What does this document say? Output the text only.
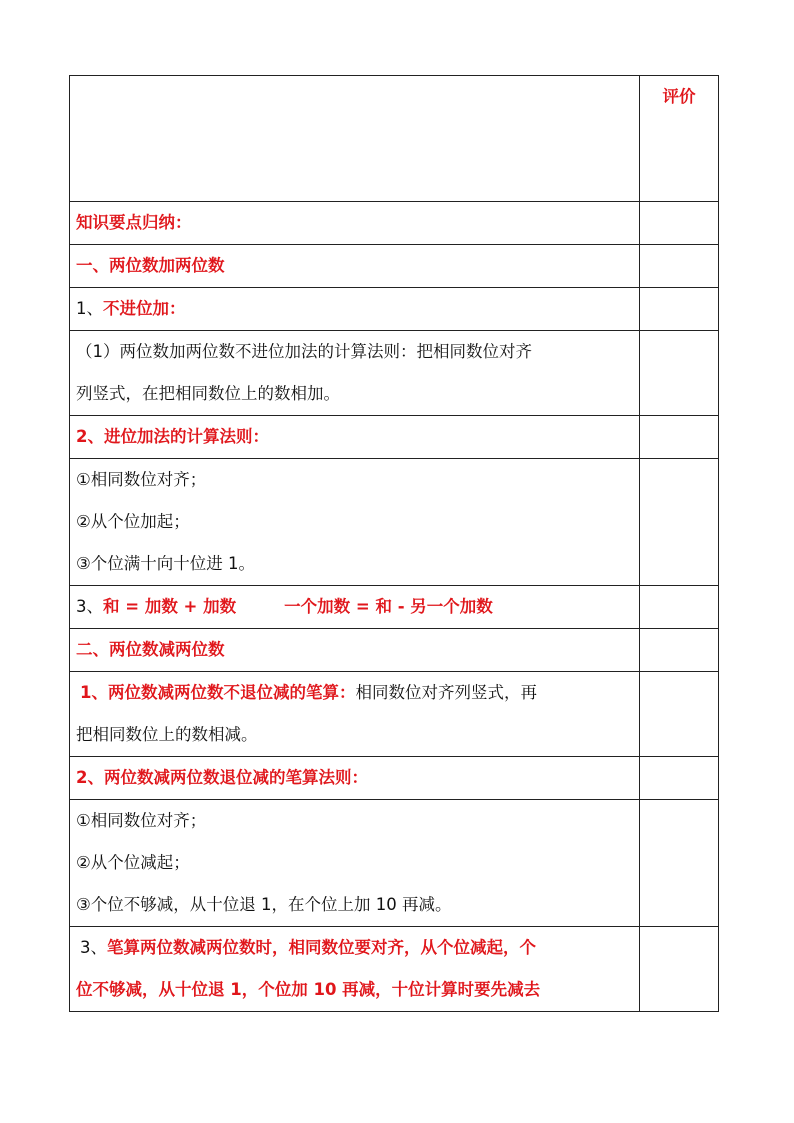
	评价
知识要点归纳：	
一、两位数加两位数	
1、不进位加：	

（1）两位数加两位数不进位加法的计算法则：把相同数位对齐
列竖式，在把相同数位上的数相加。	

2、进位加法的计算法则：	

①相同数位对齐；
②从个位加起；
③个位满十向十位进 1。	

3、和 = 加数 + 加数 一个加数 = 和 - 另一个加数	
二、两位数减两位数	

1、两位数减两位数不退位减的笔算：相同数位对齐列竖式，再
把相同数位上的数相减。	

2、两位数减两位数退位减的笔算法则：	

①相同数位对齐；
②从个位减起；
③个位不够减，从十位退 1，在个位上加 10 再减。	

3、笔算两位数减两位数时，相同数位要对齐，从个位减起，个
位不够减，从十位退 1，个位加 10 再减，十位计算时要先减去	
